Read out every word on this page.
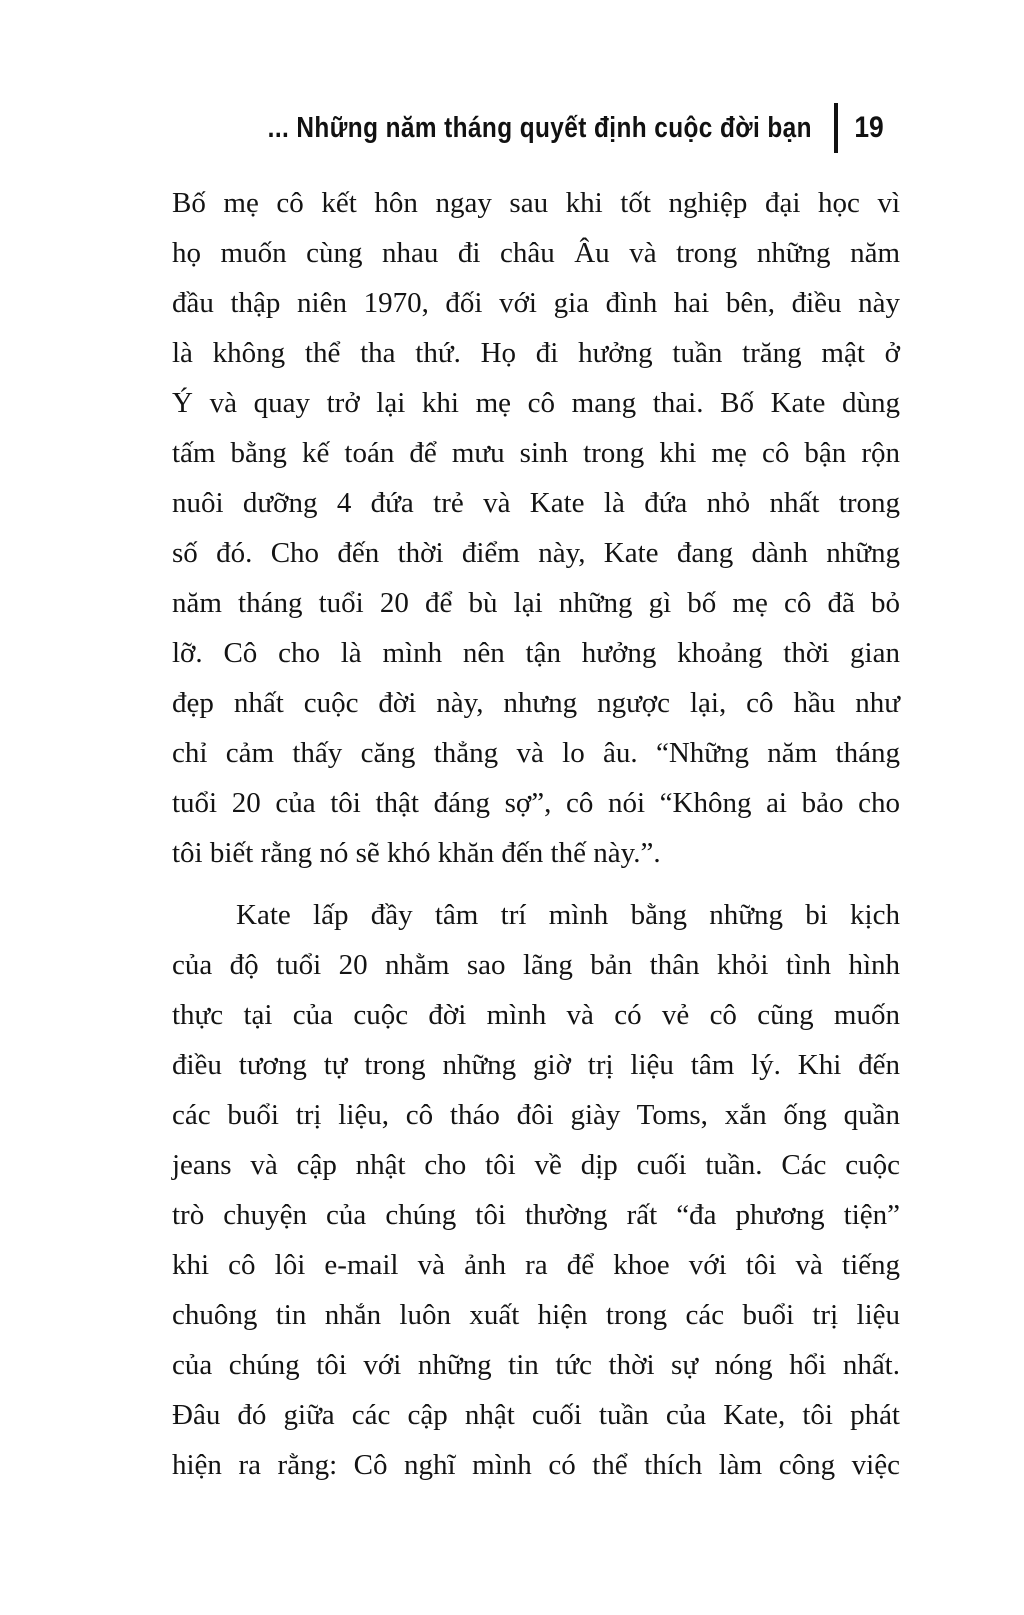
... Những năm tháng quyết định cuộc đời bạn	19
Bố mẹ cô kết hôn ngay sau khi tốt nghiệp đại học vì
họ muốn cùng nhau đi châu Âu và trong những năm
đầu thập niên 1970, đối với gia đình hai bên, điều này
là không thể tha thứ. Họ đi hưởng tuần trăng mật ở
Ý và quay trở lại khi mẹ cô mang thai. Bố Kate dùng
tấm bằng kế toán để mưu sinh trong khi mẹ cô bận rộn
nuôi dưỡng 4 đứa trẻ và Kate là đứa nhỏ nhất trong
số đó. Cho đến thời điểm này, Kate đang dành những
năm tháng tuổi 20 để bù lại những gì bố mẹ cô đã bỏ
lỡ. Cô cho là mình nên tận hưởng khoảng thời gian
đẹp nhất cuộc đời này, nhưng ngược lại, cô hầu như
chỉ cảm thấy căng thẳng và lo âu. “Những năm tháng
tuổi 20 của tôi thật đáng sợ”, cô nói “Không ai bảo cho
tôi biết rằng nó sẽ khó khăn đến thế này.”.
Kate lấp đầy tâm trí mình bằng những bi kịch
của độ tuổi 20 nhằm sao lãng bản thân khỏi tình hình
thực tại của cuộc đời mình và có vẻ cô cũng muốn
điều tương tự trong những giờ trị liệu tâm lý. Khi đến
các buổi trị liệu, cô tháo đôi giày Toms, xắn ống quần
jeans và cập nhật cho tôi về dịp cuối tuần. Các cuộc
trò chuyện của chúng tôi thường rất “đa phương tiện”
khi cô lôi e-mail và ảnh ra để khoe với tôi và tiếng
chuông tin nhắn luôn xuất hiện trong các buổi trị liệu
của chúng tôi với những tin tức thời sự nóng hổi nhất.
Đâu đó giữa các cập nhật cuối tuần của Kate, tôi phát
hiện ra rằng: Cô nghĩ mình có thể thích làm công việc
